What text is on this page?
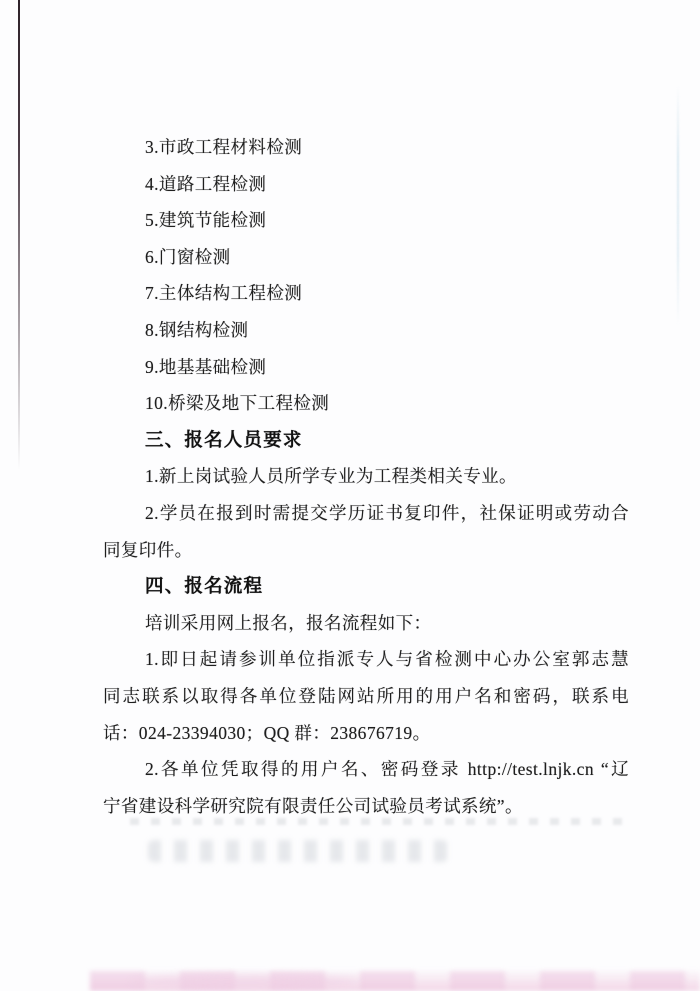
3.市政工程材料检测
4.道路工程检测
5.建筑节能检测
6.门窗检测
7.主体结构工程检测
8.钢结构检测
9.地基基础检测
10.桥梁及地下工程检测
三、报名人员要求
1.新上岗试验人员所学专业为工程类相关专业。
2.学员在报到时需提交学历证书复印件，社保证明或劳动合
同复印件。
四、报名流程
培训采用网上报名，报名流程如下：
1.即日起请参训单位指派专人与省检测中心办公室郭志慧
同志联系以取得各单位登陆网站所用的用户名和密码，联系电
话：024-23394030；QQ 群：238676719。
2.各单位凭取得的用户名、密码登录 http://test.lnjk.cn “辽
宁省建设科学研究院有限责任公司试验员考试系统”。
